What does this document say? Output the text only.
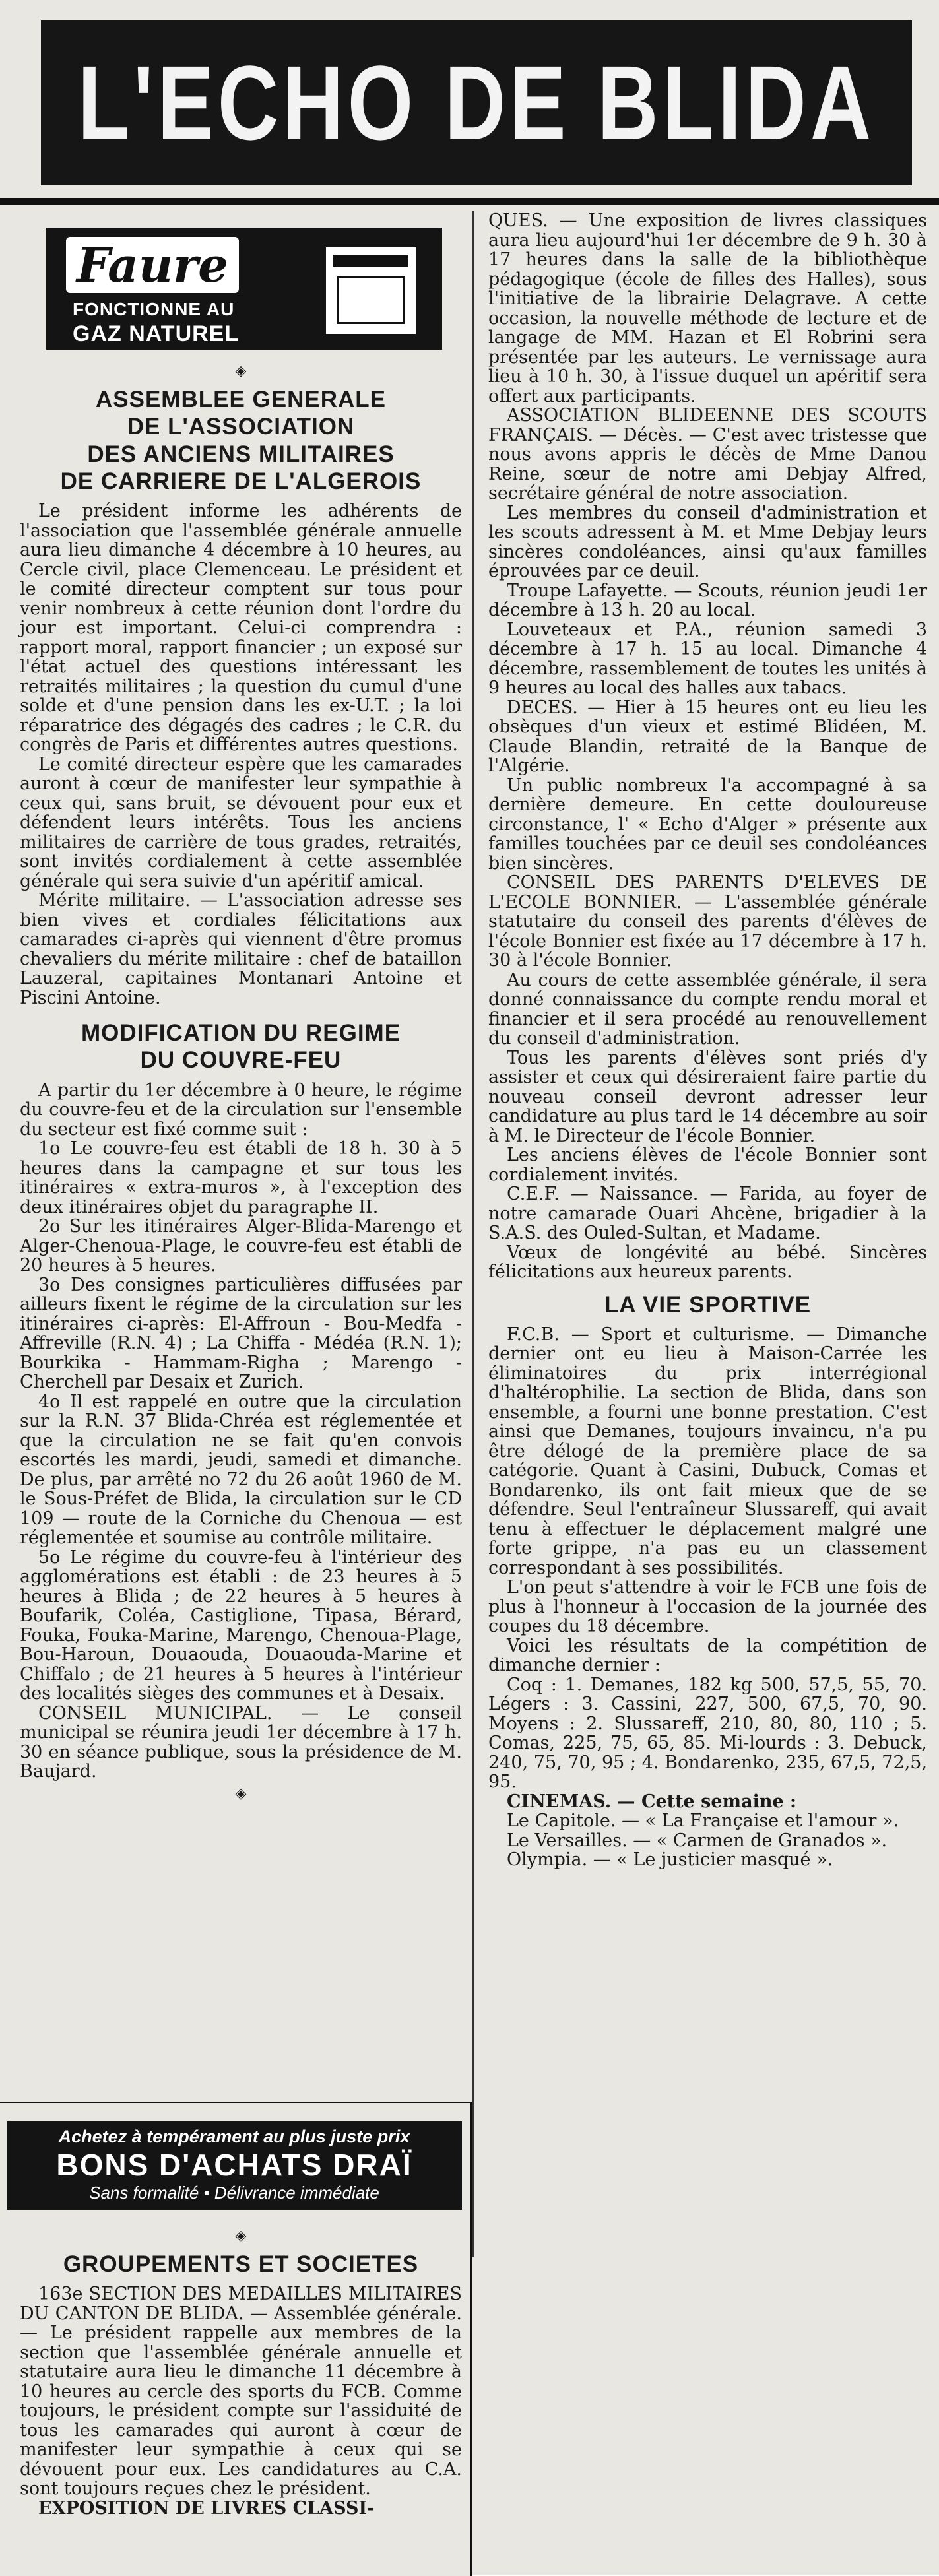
L'ECHO DE BLIDA
Faure
FONCTIONNE AU
GAZ NATUREL
◈
ASSEMBLEE GENERALE
DE L'ASSOCIATION
DES ANCIENS MILITAIRES
DE CARRIERE DE L'ALGEROIS

Le président informe les adhérents de l'association que l'assemblée générale annuelle aura lieu dimanche 4 décembre à 10 heures, au Cercle civil, place Clemenceau. Le président et le comité directeur comptent sur tous pour venir nombreux à cette réunion dont l'ordre du jour est important. Celui-ci comprendra : rapport moral, rapport financier ; un exposé sur l'état actuel des questions intéressant les retraités militaires ; la question du cumul d'une solde et d'une pension dans les ex-U.T. ; la loi réparatrice des dégagés des cadres ; le C.R. du congrès de Paris et différentes autres questions.

Le comité directeur espère que les camarades auront à cœur de manifester leur sympathie à ceux qui, sans bruit, se dévouent pour eux et défendent leurs intérêts. Tous les anciens militaires de carrière de tous grades, retraités, sont invités cordialement à cette assemblée générale qui sera suivie d'un apéritif amical.

Mérite militaire. — L'association adresse ses bien vives et cordiales félicitations aux camarades ci-après qui viennent d'être promus chevaliers du mérite militaire : chef de bataillon Lauzeral, capitaines Montanari Antoine et Piscini Antoine.

MODIFICATION DU REGIME
DU COUVRE-FEU

A partir du 1er décembre à 0 heure, le régime du couvre-feu et de la circulation sur l'ensemble du secteur est fixé comme suit :

1o Le couvre-feu est établi de 18 h. 30 à 5 heures dans la campagne et sur tous les itinéraires « extra-muros », à l'exception des deux itinéraires objet du paragraphe II.

2o Sur les itinéraires Alger-Blida-Marengo et Alger-Chenoua-Plage, le couvre-feu est établi de 20 heures à 5 heures.

3o Des consignes particulières diffusées par ailleurs fixent le régime de la circulation sur les itinéraires ci-après: El-Affroun - Bou-Medfa - Affreville (R.N. 4) ; La Chiffa - Médéa (R.N. 1); Bourkika - Hammam-Righa ; Marengo - Cherchell par Desaix et Zurich.

4o Il est rappelé en outre que la circulation sur la R.N. 37 Blida-Chréa est réglementée et que la circulation ne se fait qu'en convois escortés les mardi, jeudi, samedi et dimanche. De plus, par arrêté no 72 du 26 août 1960 de M. le Sous-Préfet de Blida, la circulation sur le CD 109 — route de la Corniche du Chenoua — est réglementée et soumise au contrôle militaire.

5o Le régime du couvre-feu à l'intérieur des agglomérations est établi : de 23 heures à 5 heures à Blida ; de 22 heures à 5 heures à Boufarik, Coléa, Castiglione, Tipasa, Bérard, Fouka, Fouka-Marine, Marengo, Chenoua-Plage, Bou-Haroun, Douaouda, Douaouda-Marine et Chiffalo ; de 21 heures à 5 heures à l'intérieur des localités sièges des communes et à Desaix.

CONSEIL MUNICIPAL. — Le conseil municipal se réunira jeudi 1er décembre à 17 h. 30 en séance publique, sous la présidence de M. Baujard.

◈
Achetez à tempérament au plus juste prix
BONS D'ACHATS DRAÏ
Sans formalité • Délivrance immédiate
◈
GROUPEMENTS ET SOCIETES

163e SECTION DES MEDAILLES MILITAIRES DU CANTON DE BLIDA. — Assemblée générale. — Le président rappelle aux membres de la section que l'assemblée générale annuelle et statutaire aura lieu le dimanche 11 décembre à 10 heures au cercle des sports du FCB. Comme toujours, le président compte sur l'assiduité de tous les camarades qui auront à cœur de manifester leur sympathie à ceux qui se dévouent pour eux. Les candidatures au C.A. sont toujours reçues chez le président.

EXPOSITION DE LIVRES CLASSI-

QUES. — Une exposition de livres classiques aura lieu aujourd'hui 1er décembre de 9 h. 30 à 17 heures dans la salle de la bibliothèque pédagogique (école de filles des Halles), sous l'initiative de la librairie Delagrave. A cette occasion, la nouvelle méthode de lecture et de langage de MM. Hazan et El Robrini sera présentée par les auteurs. Le vernissage aura lieu à 10 h. 30, à l'issue duquel un apéritif sera offert aux participants.

ASSOCIATION BLIDEENNE DES SCOUTS FRANÇAIS. — Décès. — C'est avec tristesse que nous avons appris le décès de Mme Danou Reine, sœur de notre ami Debjay Alfred, secrétaire général de notre association.

Les membres du conseil d'administration et les scouts adressent à M. et Mme Debjay leurs sincères condoléances, ainsi qu'aux familles éprouvées par ce deuil.

Troupe Lafayette. — Scouts, réunion jeudi 1er décembre à 13 h. 20 au local.

Louveteaux et P.A., réunion samedi 3 décembre à 17 h. 15 au local. Dimanche 4 décembre, rassemblement de toutes les unités à 9 heures au local des halles aux tabacs.

DECES. — Hier à 15 heures ont eu lieu les obsèques d'un vieux et estimé Blidéen, M. Claude Blandin, retraité de la Banque de l'Algérie.

Un public nombreux l'a accompagné à sa dernière demeure. En cette douloureuse circonstance, l' « Echo d'Alger » présente aux familles touchées par ce deuil ses condoléances bien sincères.

CONSEIL DES PARENTS D'ELEVES DE L'ECOLE BONNIER. — L'assemblée générale statutaire du conseil des parents d'élèves de l'école Bonnier est fixée au 17 décembre à 17 h. 30 à l'école Bonnier.

Au cours de cette assemblée générale, il sera donné connaissance du compte rendu moral et financier et il sera procédé au renouvellement du conseil d'administration.

Tous les parents d'élèves sont priés d'y assister et ceux qui désireraient faire partie du nouveau conseil devront adresser leur candidature au plus tard le 14 décembre au soir à M. le Directeur de l'école Bonnier.

Les anciens élèves de l'école Bonnier sont cordialement invités.

C.E.F. — Naissance. — Farida, au foyer de notre camarade Ouari Ahcène, brigadier à la S.A.S. des Ouled-Sultan, et Madame.

Vœux de longévité au bébé. Sincères félicitations aux heureux parents.

LA VIE SPORTIVE

F.C.B. — Sport et culturisme. — Dimanche dernier ont eu lieu à Maison-Carrée les éliminatoires du prix interrégional d'haltérophilie. La section de Blida, dans son ensemble, a fourni une bonne prestation. C'est ainsi que Demanes, toujours invaincu, n'a pu être délogé de la première place de sa catégorie. Quant à Casini, Dubuck, Comas et Bondarenko, ils ont fait mieux que de se défendre. Seul l'entraîneur Slussareff, qui avait tenu à effectuer le déplacement malgré une forte grippe, n'a pas eu un classement correspondant à ses possibilités.

L'on peut s'attendre à voir le FCB une fois de plus à l'honneur à l'occasion de la journée des coupes du 18 décembre.

Voici les résultats de la compétition de dimanche dernier :

Coq : 1. Demanes, 182 kg 500, 57,5, 55, 70. Légers : 3. Cassini, 227, 500, 67,5, 70, 90. Moyens : 2. Slussareff, 210, 80, 80, 110 ; 5. Comas, 225, 75, 65, 85. Mi-lourds : 3. Debuck, 240, 75, 70, 95 ; 4. Bondarenko, 235, 67,5, 72,5, 95.

CINEMAS. — Cette semaine :

Le Capitole. — « La Française et l'amour ».

Le Versailles. — « Carmen de Granados ».

Olympia. — « Le justicier masqué ».
